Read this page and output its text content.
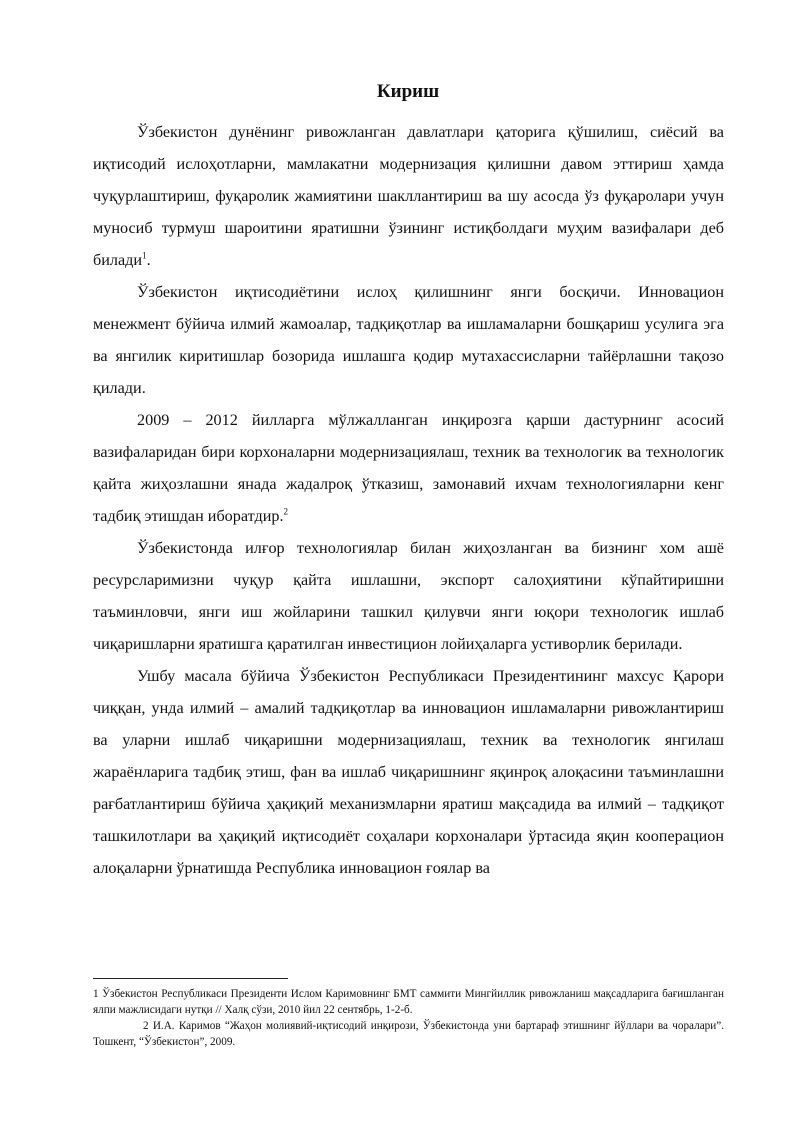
Кириш

Ўзбекистон дунёнинг ривожланган давлатлари қаторига қўшилиш, сиёсий ва иқтисодий ислоҳотларни, мамлакатни модернизация қилишни давом эттириш ҳамда чуқурлаштириш, фуқаролик жамиятини шакллантириш ва шу асосда ўз фуқаролари учун муносиб турмуш шароитини яратишни ўзининг истиқболдаги муҳим вазифалари деб билади$^1$.

Ўзбекистон иқтисодиётини ислоҳ қилишнинг янги босқичи. Инновацион менежмент бўйича илмий жамоалар, тадқиқотлар ва ишламаларни бошқариш усулига эга ва янгилик киритишлар бозорида ишлашга қодир мутахассисларни тайёрлашни тақозо қилади.

2009 – 2012 йилларга мўлжалланган инқирозга қарши дастурнинг асосий вазифаларидан бири корхоналарни модернизациялаш, техник ва технологик ва технологик қайта жиҳозлашни янада жадалроқ ўтказиш, замонавий ихчам технологияларни кенг тадбиқ этишдан иборатдир.$^2$

Ўзбекистонда илғор технологиялар билан жиҳозланган ва бизнинг хом ашё ресурсларимизни чуқур қайта ишлашни, экспорт салоҳиятини кўпайтиришни таъминловчи, янги иш жойларини ташкил қилувчи янги юқори технологик ишлаб чиқаришларни яратишга қаратилган инвестицион лойиҳаларга устиворлик берилади.

Ушбу масала бўйича Ўзбекистон Республикаси Президентининг махсус Қарори чиққан, унда илмий – амалий тадқиқотлар ва инновацион ишламаларни ривожлантириш ва уларни ишлаб чиқаришни модернизациялаш, техник ва технологик янгилаш жараёнларига тадбиқ этиш, фан ва ишлаб чиқаришнинг яқинроқ алоқасини таъминлашни рағбатлантириш бўйича ҳақиқий механизмларни яратиш мақсадида ва илмий – тадқиқот ташкилотлари ва ҳақиқий иқтисодиёт соҳалари корхоналари ўртасида яқин кооперацион алоқаларни ўрнатишда Республика инновацион ғоялар ва

1 Ўзбекистон Республикаси Президенти Ислом Каримовнинг БМТ саммити Мингйиллик ривожланиш мақсадларига бағишланган ялпи мажлисидаги нутқи // Халқ сўзи, 2010 йил 22 сентябрь, 1-2-б.

2 И.А. Каримов “Жаҳон молиявий-иқтисодий инқирози, Ўзбекистонда уни бартараф этишнинг йўллари ва чоралари”. Тошкент, “Ўзбекистон”, 2009.
